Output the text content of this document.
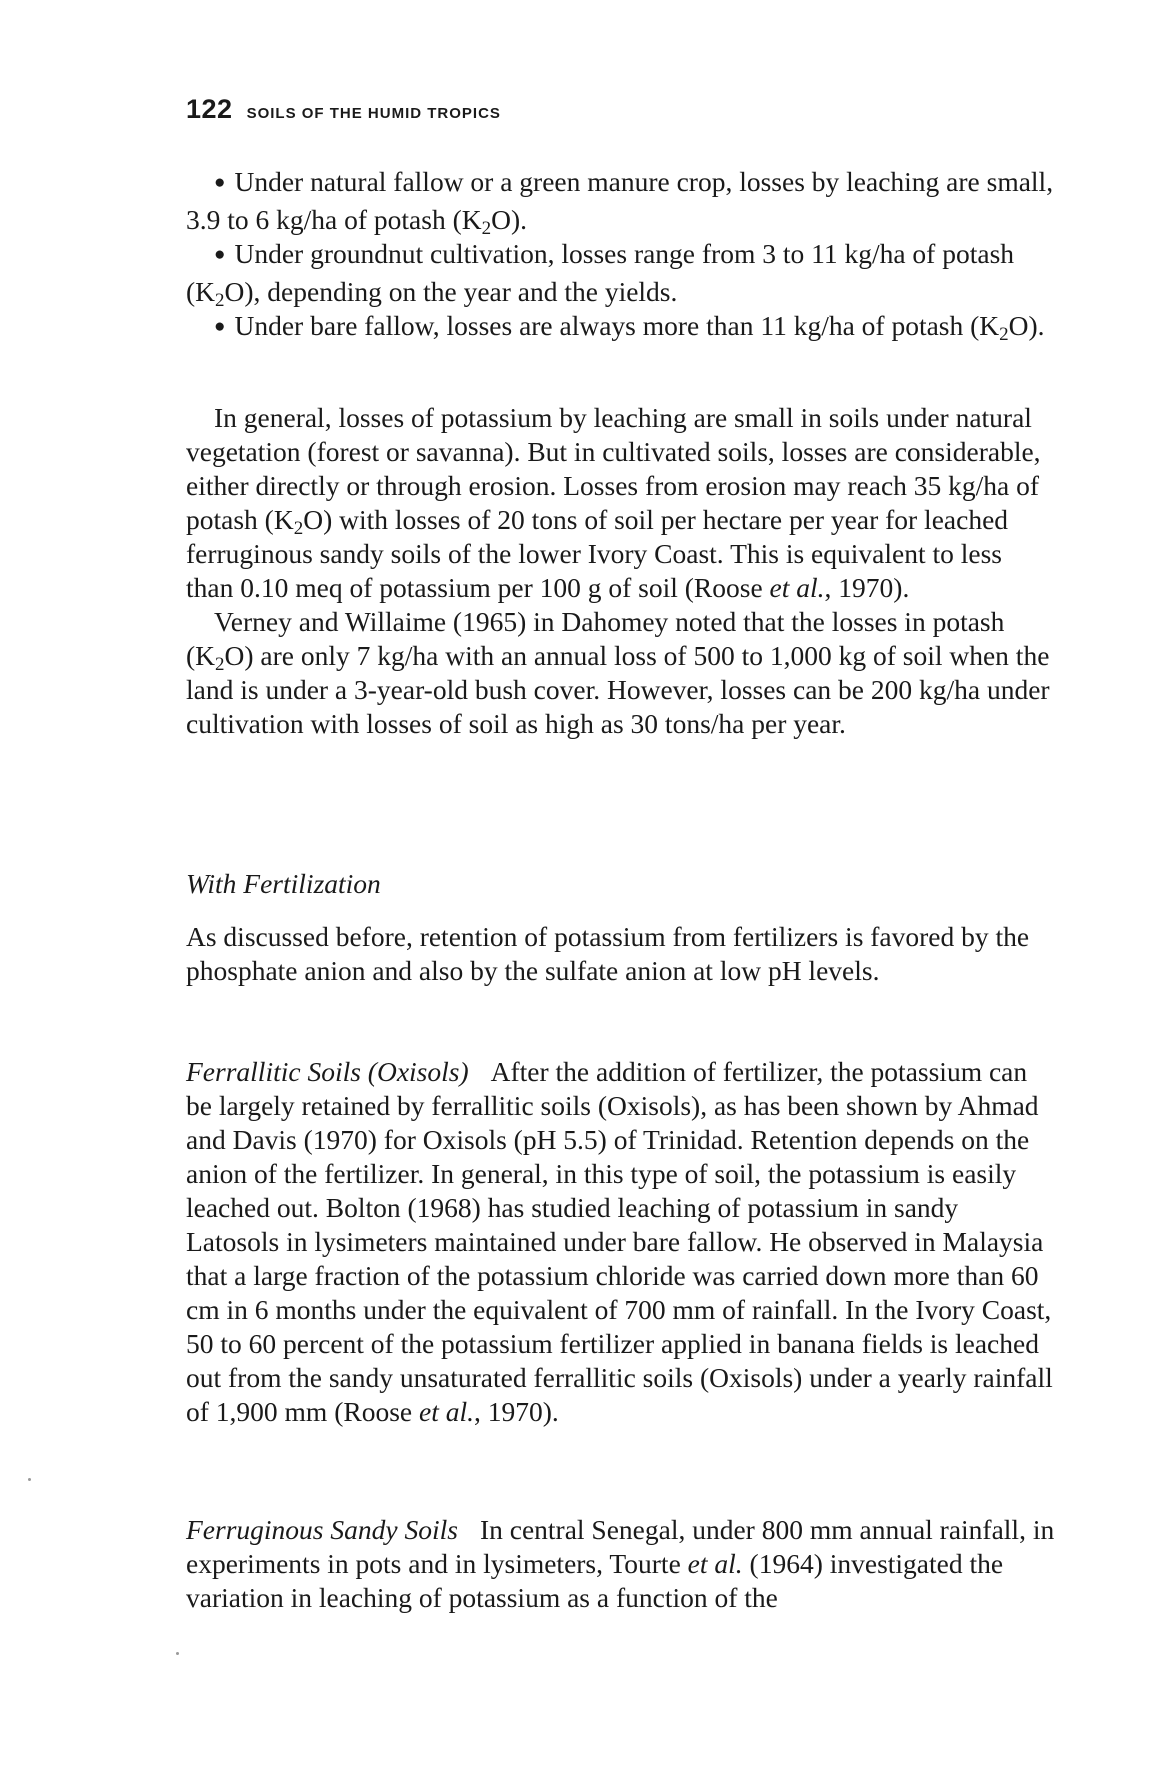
122 SOILS OF THE HUMID TROPICS

● Under natural fallow or a green manure crop, losses by leaching are small, 3.9 to 6 kg/ha of potash $(K_2O)$.

● Under groundnut cultivation, losses range from 3 to 11 kg/ha of potash $(K_2O)$, depending on the year and the yields.

● Under bare fallow, losses are always more than 11 kg/ha of potash $(K_2O)$.

In general, losses of potassium by leaching are small in soils under natural vegetation (forest or savanna). But in cultivated soils, losses are considerable, either directly or through erosion. Losses from erosion may reach 35 kg/ha of potash $(K_2O)$ with losses of 20 tons of soil per hectare per year for leached ferruginous sandy soils of the lower Ivory Coast. This is equivalent to less than 0.10 meq of potassium per 100 g of soil (Roose et al., 1970).

Verney and Willaime (1965) in Dahomey noted that the losses in potash $(K_2O)$ are only 7 kg/ha with an annual loss of 500 to 1,000 kg of soil when the land is under a 3-year-old bush cover. However, losses can be 200 kg/ha under cultivation with losses of soil as high as 30 tons/ha per year.

With Fertilization

As discussed before, retention of potassium from fertilizers is favored by the phosphate anion and also by the sulfate anion at low pH levels.

Ferrallitic Soils (Oxisols) After the addition of fertilizer, the potassium can be largely retained by ferrallitic soils (Oxisols), as has been shown by Ahmad and Davis (1970) for Oxisols (pH 5.5) of Trinidad. Retention depends on the anion of the fertilizer. In general, in this type of soil, the potassium is easily leached out. Bolton (1968) has studied leaching of potassium in sandy Latosols in lysimeters maintained under bare fallow. He observed in Malaysia that a large fraction of the potassium chloride was carried down more than 60 cm in 6 months under the equivalent of 700 mm of rainfall. In the Ivory Coast, 50 to 60 percent of the potassium fertilizer applied in banana fields is leached out from the sandy unsaturated ferrallitic soils (Oxisols) under a yearly rainfall of 1,900 mm (Roose et al., 1970).

Ferruginous Sandy Soils In central Senegal, under 800 mm annual rainfall, in experiments in pots and in lysimeters, Tourte et al. (1964) investigated the variation in leaching of potassium as a function of the
